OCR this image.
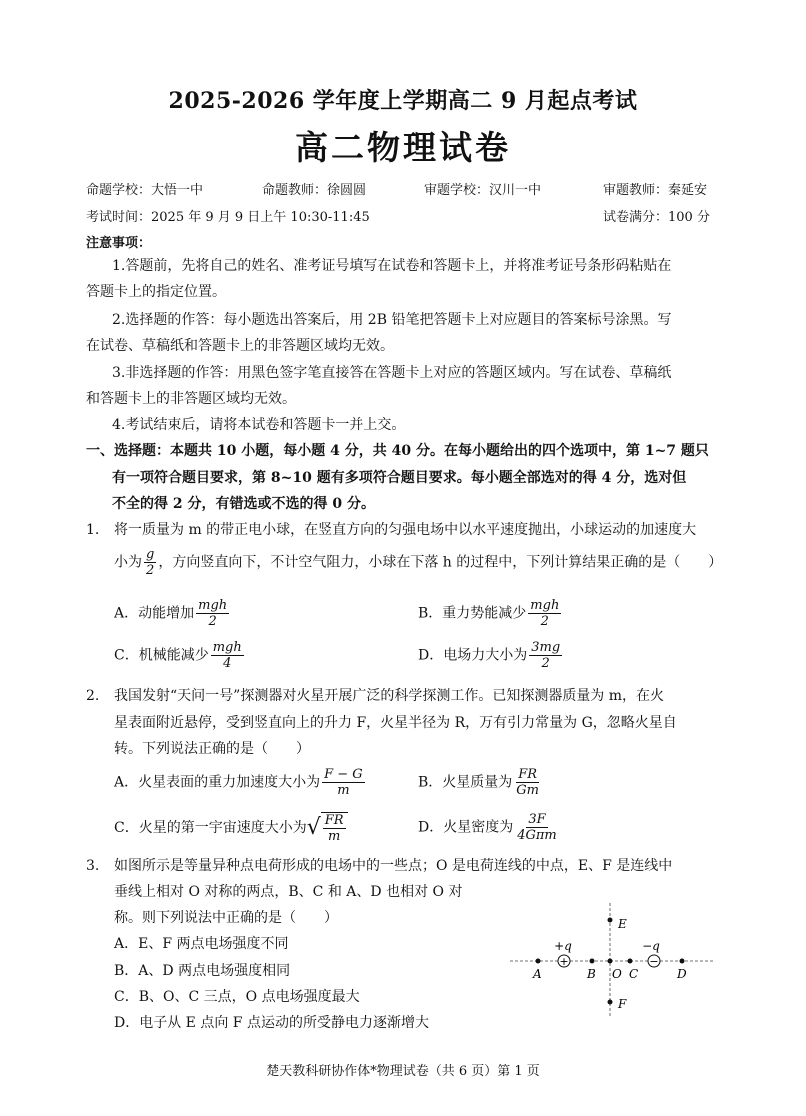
2025-2026 学年度上学期高二 9 月起点考试
高二物理试卷
命题学校：大悟一中	命题教师：徐圆圆	审题学校：汉川一中	审题教师：秦延安
考试时间：2025 年 9 月 9 日上午 10:30-11:45	试卷满分：100 分
注意事项：
1.答题前，先将自己的姓名、准考证号填写在试卷和答题卡上，并将准考证号条形码粘贴在
答题卡上的指定位置。
2.选择题的作答：每小题选出答案后，用 2B 铅笔把答题卡上对应题目的答案标号涂黑。写
在试卷、草稿纸和答题卡上的非答题区域均无效。
3.非选择题的作答：用黑色签字笔直接答在答题卡上对应的答题区域内。写在试卷、草稿纸
和答题卡上的非答题区域均无效。
4.考试结束后，请将本试卷和答题卡一并上交。
一、选择题：本题共 10 小题，每小题 4 分，共 40 分。在每小题给出的四个选项中，第 1~7 题只
有一项符合题目要求，第 8~10 题有多项符合题目要求。每小题全部选对的得 4 分，选对但
不全的得 2 分，有错选或不选的得 0 分。
1. 将一质量为 m 的带正电小球，在竖直方向的匀强电场中以水平速度抛出，小球运动的加速度大
小为 $\frac{g}{2}$ ，方向竖直向下，不计空气阻力，小球在下落 h 的过程中，下列计算结果正确的是（　　）
A．动能增加 $\frac{\text{mgh}}{2}$	B．重力势能减少 $\frac{\text{mgh}}{2}$
C．机械能减少 $\frac{\text{mgh}}{4}$	D．电场力大小为 $\frac{3mg}{2}$
2. 我国发射“天问一号”探测器对火星开展广泛的科学探测工作。已知探测器质量为 m，在火
星表面附近悬停，受到竖直向上的升力 F，火星半径为 R，万有引力常量为 G，忽略火星自
转。下列说法正确的是（　　）
A．火星表面的重力加速度大小为 $\frac{F - G}{m}$	B．火星质量为 $\frac{FR}{Gm}$
C．火星的第一宇宙速度大小为 √ $\frac{FR}{m}$	D．火星密度为 $\frac{3F}{\text{4Gπm}}$
3. 如图所示是等量异种点电荷形成的电场中的一些点；O 是电荷连线的中点，E、F 是连线中
垂线上相对 O 对称的两点，B、C 和 A、D 也相对 O 对
称。则下列说法中正确的是（　　）
A．E、F 两点电场强度不同
B．A、D 两点电场强度相同
C．B、O、C 三点，O 点电场强度最大
D．电子从 E 点向 F 点运动的所受静电力逐渐增大
+	−
+q	−q
E
F
A	B O C	D
楚天教科研协作体*物理试卷（共 6 页）第 1 页
